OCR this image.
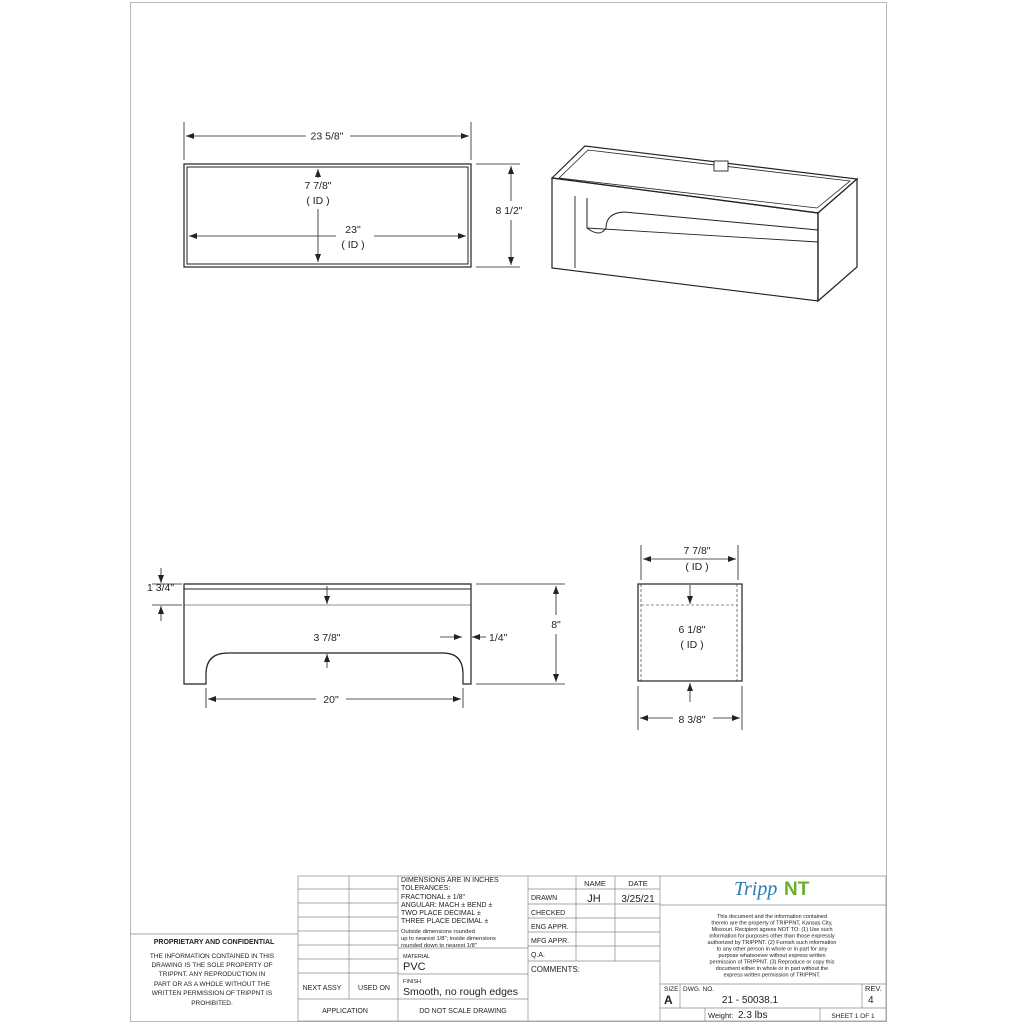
23 5/8"
7 7/8"
( ID )
23"
( ID )
8 1/2"
1 3/4"
3 7/8"	1/4"
8"
20"
7 7/8"
( ID )
6 1/8"
( ID )
8 3/8"
DIMENSIONS ARE IN INCHES
TOLERANCES:
FRACTIONAL ± 1/8"
ANGULAR: MACH ± BEND ±
TWO PLACE DECIMAL ±
THREE PLACE DECIMAL ±
Outside dimensions rounded
up to nearest 1/8"; inside dimensions
rounded down to nearest 1/8"
MATERIAL
PVC
FINISH
Smooth, no rough edges
NEXT ASSY USED ON
APPLICATION	DO NOT SCALE DRAWING
NAME	DATE
DRAWN	JH 3/25/21
CHECKED
ENG APPR.
MFG APPR.
Q.A.
COMMENTS:
Tripp NT
This document and the information contained
therein are the property of TRIPPNT, Kansas City,
Missouri. Recipient agrees NOT TO: (1) Use such
information for purposes other than those expressly
authorized by TRIPPNT. (2) Furnish such information
to any other person in whole or in part for any
purpose whatsoever without express written
permission of TRIPPNT. (3) Reproduce or copy this
document either in whole or in part without the
express written permission of TRIPPNT.
SIZE
A
DWG. NO.
21 - 50038.1
REV.
4
Weight: 2.3 lbs	SHEET 1 OF 1
PROPRIETARY AND CONFIDENTIAL
THE INFORMATION CONTAINED IN THIS
DRAWING IS THE SOLE PROPERTY OF
TRIPPNT. ANY REPRODUCTION IN
PART OR AS A WHOLE WITHOUT THE
WRITTEN PERMISSION OF TRIPPNT IS
PROHIBITED.
